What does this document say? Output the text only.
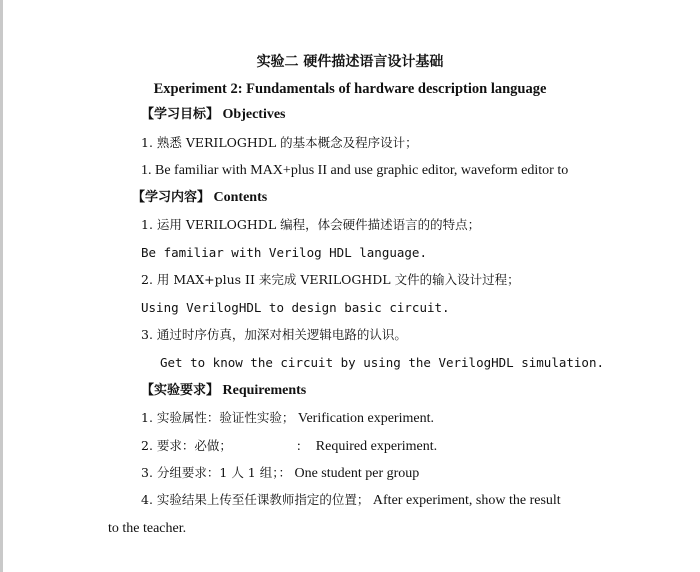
实验二 硬件描述语言设计基础
Experiment 2: Fundamentals of hardware description language
【学习目标】 Objectives
1. 熟悉 VERILOGHDL 的基本概念及程序设计；
1. Be familiar with MAX+plus II and use graphic editor, waveform editor to
【学习内容】 Contents
1. 运用 VERILOGHDL 编程，体会硬件描述语言的的特点；
Be familiar with Verilog HDL language.
2. 用 MAX+plus II 来完成 VERILOGHDL 文件的输入设计过程；
Using VerilogHDL to design basic circuit.
3. 通过时序仿真，加深对相关逻辑电路的认识。
Get to know the circuit by using the VerilogHDL simulation.
【实验要求】 Requirements
1. 实验属性：验证性实验； Verification experiment.
2. 要求：必做；	: Required experiment.
3. 分组要求：1 人 1 组；： One student per group
4. 实验结果上传至任课教师指定的位置； After experiment, show the result
to the teacher.
